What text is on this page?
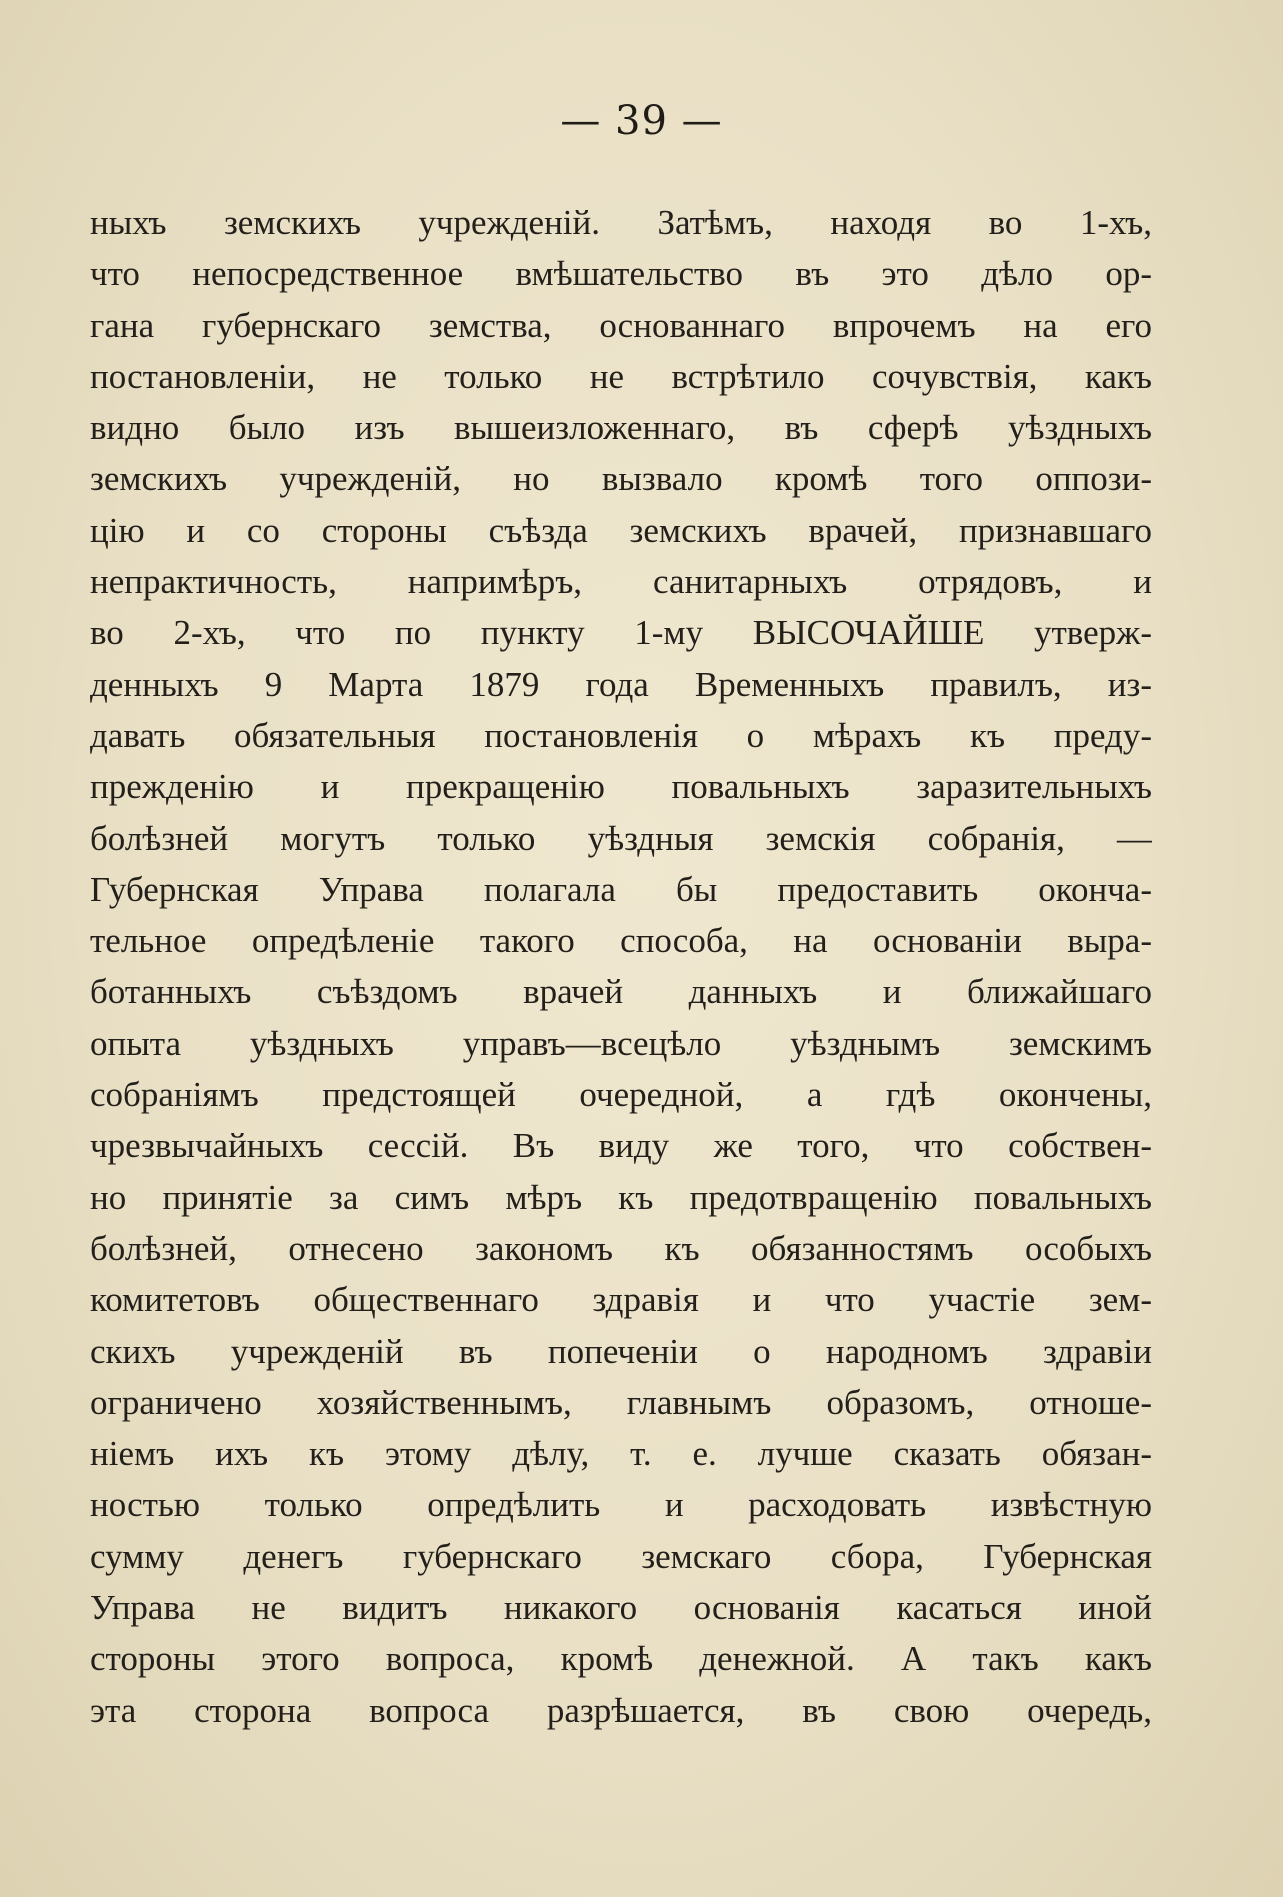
— 39 —
ныхъ земскихъ учрежденій. Затѣмъ, находя во 1-хъ,
что непосредственное вмѣшательство въ это дѣло ор-
гана губернскаго земства, основаннаго впрочемъ на его
постановленіи, не только не встрѣтило сочувствія, какъ
видно было изъ вышеизложеннаго, въ сферѣ уѣздныхъ
земскихъ учрежденій, но вызвало кромѣ того оппози-
цію и со стороны съѣзда земскихъ врачей, признавшаго
непрактичность, напримѣръ, санитарныхъ отрядовъ, и
во 2-хъ, что по пункту 1-му ВЫСОЧАЙШЕ утверж-
денныхъ 9 Марта 1879 года Временныхъ правилъ, из-
давать обязательныя постановленія о мѣрахъ къ преду-
прежденію и прекращенію повальныхъ заразительныхъ
болѣзней могутъ только уѣздныя земскія собранія, —
Губернская Управа полагала бы предоставить оконча-
тельное опредѣленіе такого способа, на основаніи выра-
ботанныхъ съѣздомъ врачей данныхъ и ближайшаго
опыта уѣздныхъ управъ—всецѣло уѣзднымъ земскимъ
собраніямъ предстоящей очередной, а гдѣ окончены,
чрезвычайныхъ сессій. Въ виду же того, что собствен-
но принятіе за симъ мѣръ къ предотвращенію повальныхъ
болѣзней, отнесено закономъ къ обязанностямъ особыхъ
комитетовъ общественнаго здравія и что участіе зем-
скихъ учрежденій въ попеченіи о народномъ здравіи
ограничено хозяйственнымъ, главнымъ образомъ, отноше-
ніемъ ихъ къ этому дѣлу, т. е. лучше сказать обязан-
ностью только опредѣлить и расходовать извѣстную
сумму денегъ губернскаго земскаго сбора, Губернская
Управа не видитъ никакого основанія касаться иной
стороны этого вопроса, кромѣ денежной. А такъ какъ
эта сторона вопроса разрѣшается, въ свою очередь,
